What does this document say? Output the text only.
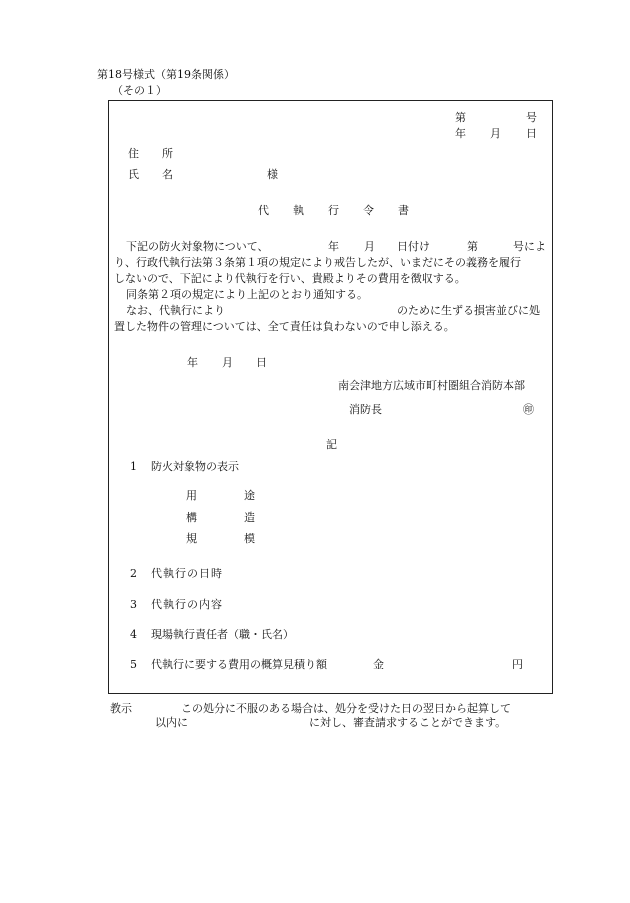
第18号様式（第19条関係）
（その１）
第	号
年 月 日
住 所
氏 名	様
代 執 行 令 書
下記の防火対象物について、	年 月 日付け	第	号によ
り、行政代執行法第３条第１項の規定により戒告したが、いまだにその義務を履行
しないので、下記により代執行を行い、貴殿よりその費用を徴収する。
同条第２項の規定により上記のとおり通知する。
なお、代執行により	のために生ずる損害並びに処
置した物件の管理については、全て責任は負わないので申し添える。
年 月 日
南会津地方広域市町村圏組合消防本部
消防長	㊞
記
1 防火対象物の表示
用	途
構	造
規	模
2 代執行の日時
3 代執行の内容
4 現場執行責任者（職・氏名）
5 代執行に要する費用の概算見積り額	金	円
教示	この処分に不服のある場合は、処分を受けた日の翌日から起算して
以内に	に対し、審査請求することができます。
